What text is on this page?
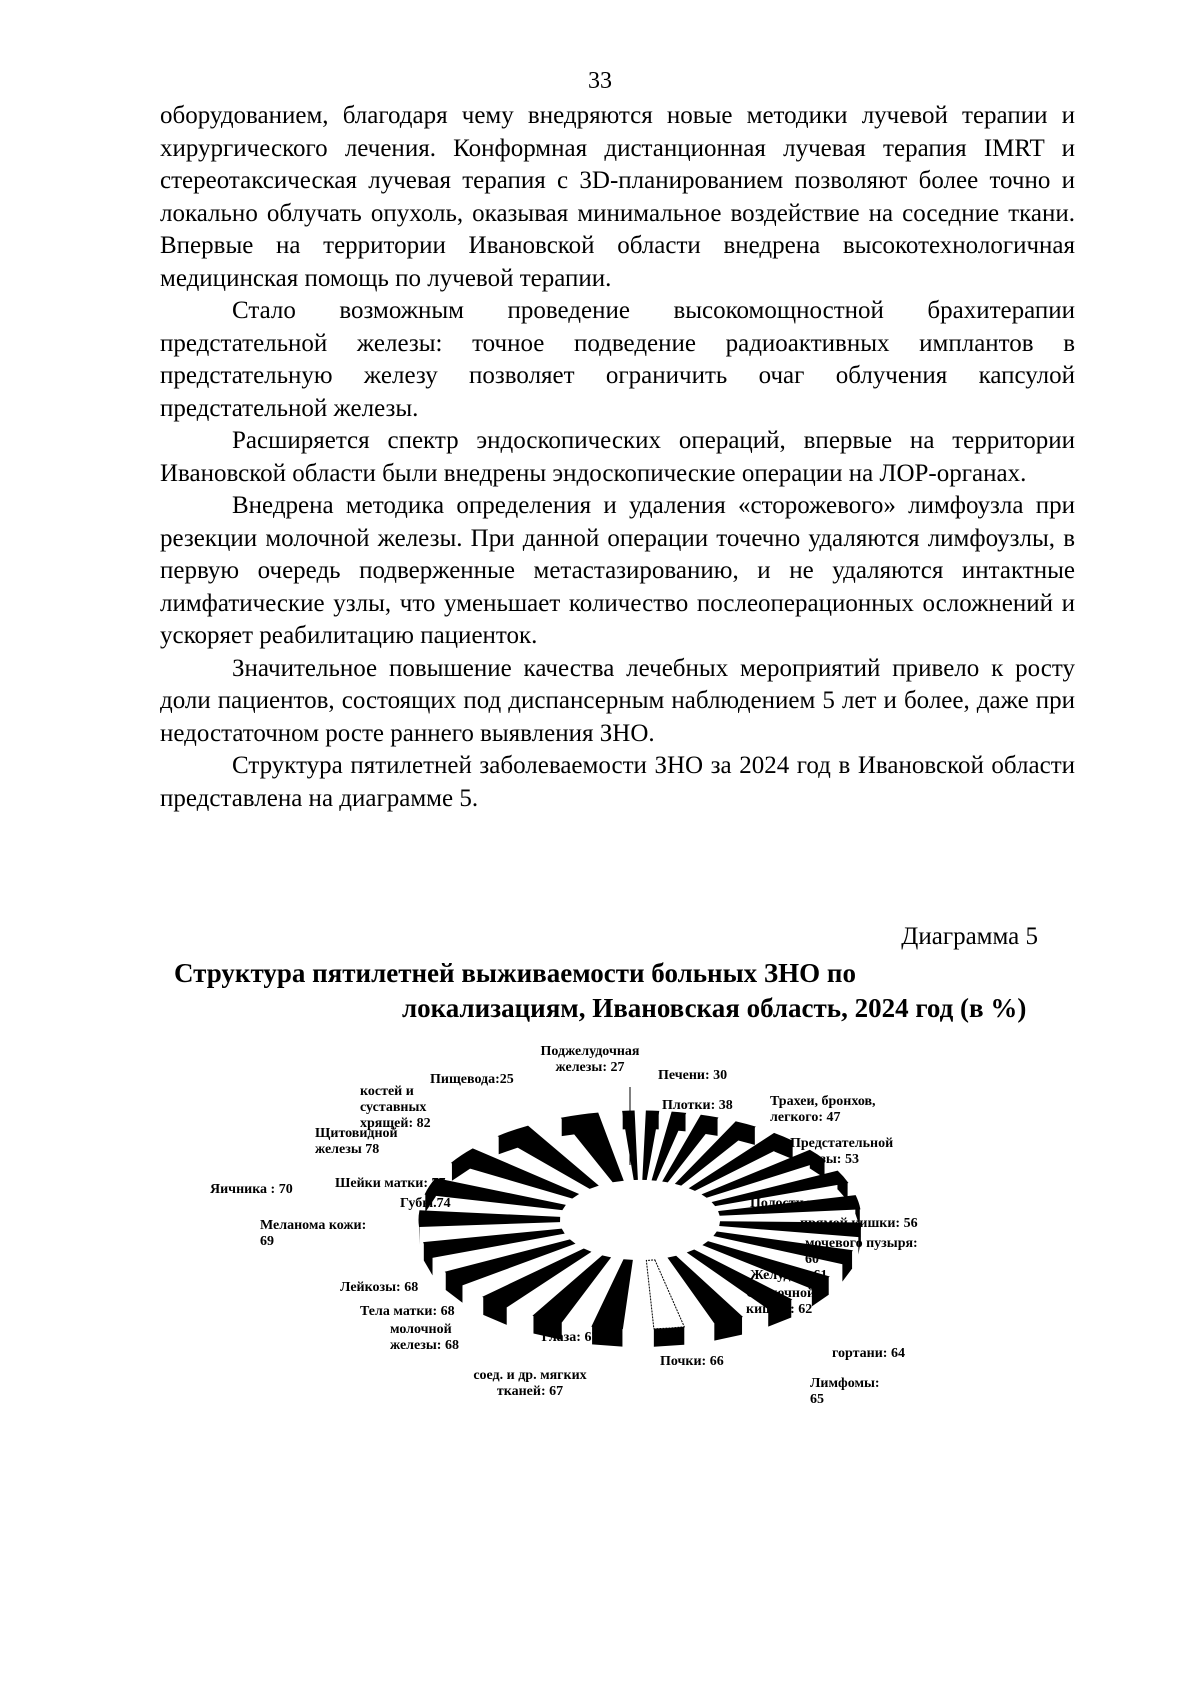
33

оборудованием, благодаря чему внедряются новые методики лучевой терапии и хирургического лечения. Конформная дистанционная лучевая терапия IMRT и стереотаксическая лучевая терапия с 3D-планированием позволяют более точно и локально облучать опухоль, оказывая минимальное воздействие на соседние ткани. Впервые на территории Ивановской области внедрена высокотехнологичная медицинская помощь по лучевой терапии.

Стало возможным проведение высокомощностной брахитерапии предстательной железы: точное подведение радиоактивных имплантов в предстательную железу позволяет ограничить очаг облучения капсулой предстательной железы.

Расширяется спектр эндоскопических операций, впервые на территории Ивановской области были внедрены эндоскопические операции на ЛОР-органах.

Внедрена методика определения и удаления «сторожевого» лимфоузла при резекции молочной железы. При данной операции точечно удаляются лимфоузлы, в первую очередь подверженные метастазированию, и не удаляются интактные лимфатические узлы, что уменьшает количество послеоперационных осложнений и ускоряет реабилитацию пациенток.

Значительное повышение качества лечебных мероприятий привело к росту доли пациентов, состоящих под диспансерным наблюдением 5 лет и более, даже при недостаточном росте раннего выявления ЗНО.

Структура пятилетней заболеваемости ЗНО за 2024 год в Ивановской области представлена на диаграмме 5.

Диаграмма 5
Структура пятилетней выживаемости больных ЗНО по
локализациям, Ивановская область, 2024 год (в %)
Поджелудочная железы: 27
Печени: 30
Плотки: 38	Трахеи, бронхов, легкого: 47
Предстательной железы: 53
Полости рта: 54
прямой кишки: 56
мочевого пузыря: 60
Желудка: 61
Ободочной кишки: 62
гортани: 64
Лимфомы: 65
Почки: 66
Глаза: 67
соед. и др. мягких тканей: 67
молочной железы: 68
Тела матки: 68
Лейкозы: 68
Меланома кожи: 69
Яичника : 70
Губы.74
Шейки матки: 77
Щитовидной железы 78
костей и суставных хрящей: 82
Пищевода:25
